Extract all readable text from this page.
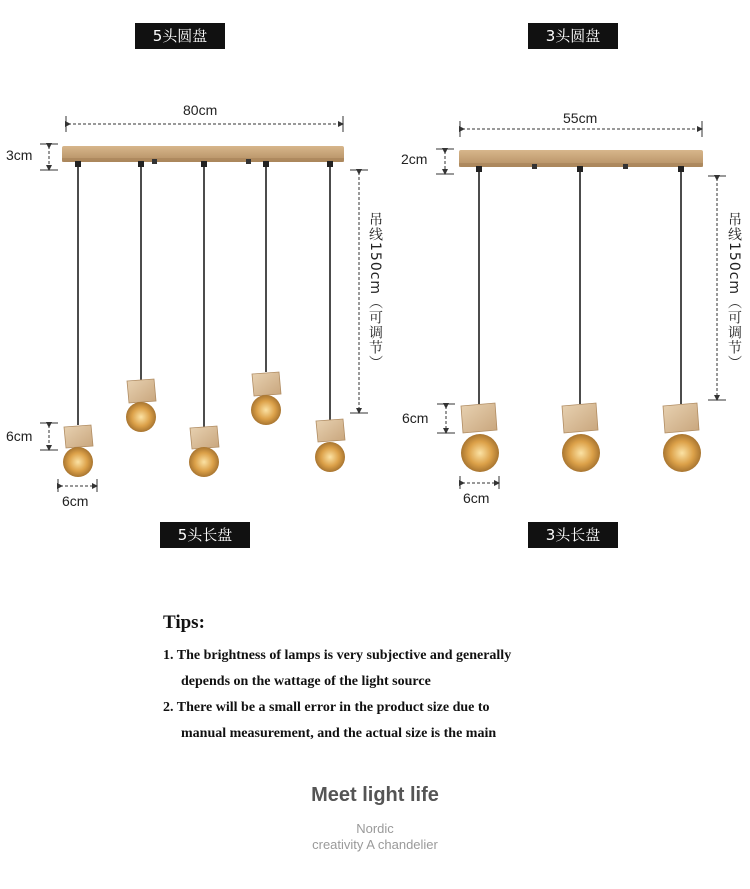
5头圆盘	3头圆盘
5头长盘	3头长盘
80cm
3cm
6cm
6cm
吊线150cm（可调节）
55cm
2cm
6cm
6cm
吊线150cm（可调节）
Tips:
1. The brightness of lamps is very subjective and generally
depends on the wattage of the light source
2. There will be a small error in the product size due to
manual measurement, and the actual size is the main
Meet light life
Nordic
creativity A chandelier
